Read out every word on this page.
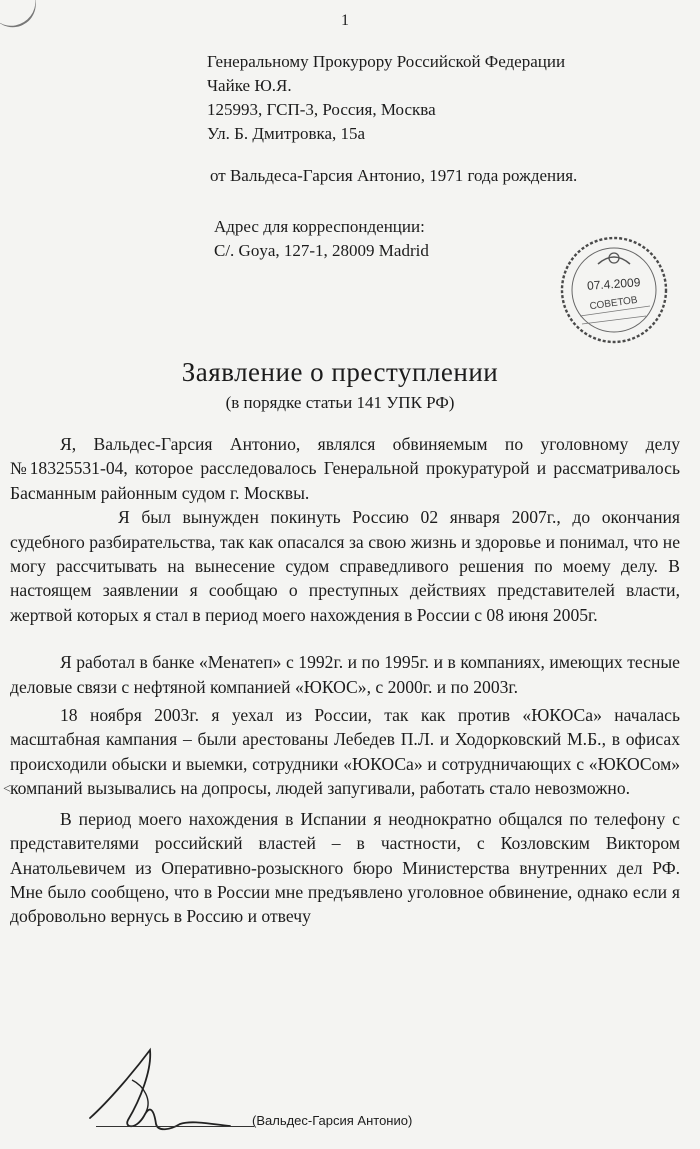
1
Генеральному Прокурору Российской Федерации
Чайке Ю.Я.
125993, ГСП-3, Россия, Москва
Ул. Б. Дмитровка, 15а
от Вальдеса-Гарсия Антонио, 1971 года рождения.
Адрес для корреспонденции:
C/. Goya, 127-1, 28009 Madrid
07.4.2009
СОВЕТОВ
Заявление о преступлении
(в порядке статьи 141 УПК РФ)

Я, Вальдес-Гарсия Антонио, являлся обвиняемым по уголовному делу №18325531-04, которое расследовалось Генеральной прокуратурой и рассматривалось Басманным районным судом г. Москвы.

Я был вынужден покинуть Россию 02 января 2007г., до окончания судебного разбирательства, так как опасался за свою жизнь и здоровье и понимал, что не могу рассчитывать на вынесение судом справедливого решения по моему делу. В настоящем заявлении я сообщаю о преступных действиях представителей власти, жертвой которых я стал в период моего нахождения в России с 08 июня 2005г.

Я работал в банке «Менатеп» с 1992г. и по 1995г. и в компаниях, имеющих тесные деловые связи с нефтяной компанией «ЮКОС», с 2000г. и по 2003г.

18 ноября 2003г. я уехал из России, так как против «ЮКОСа» началась масштабная кампания – были арестованы Лебедев П.Л. и Ходорковский М.Б., в офисах происходили обыски и выемки, сотрудники «ЮКОСа» и сотрудничающих с «ЮКОСом» компаний вызывались на допросы, людей запугивали, работать стало невозможно.

В период моего нахождения в Испании я неоднократно общался по телефону с представителями российский властей – в частности, с Козловским Виктором Анатольевичем из Оперативно-розыскного бюро Министерства внутренних дел РФ. Мне было сообщено, что в России мне предъявлено уголовное обвинение, однако если я добровольно вернусь в Россию и отвечу

˂
(Вальдес-Гарсия Антонио)
